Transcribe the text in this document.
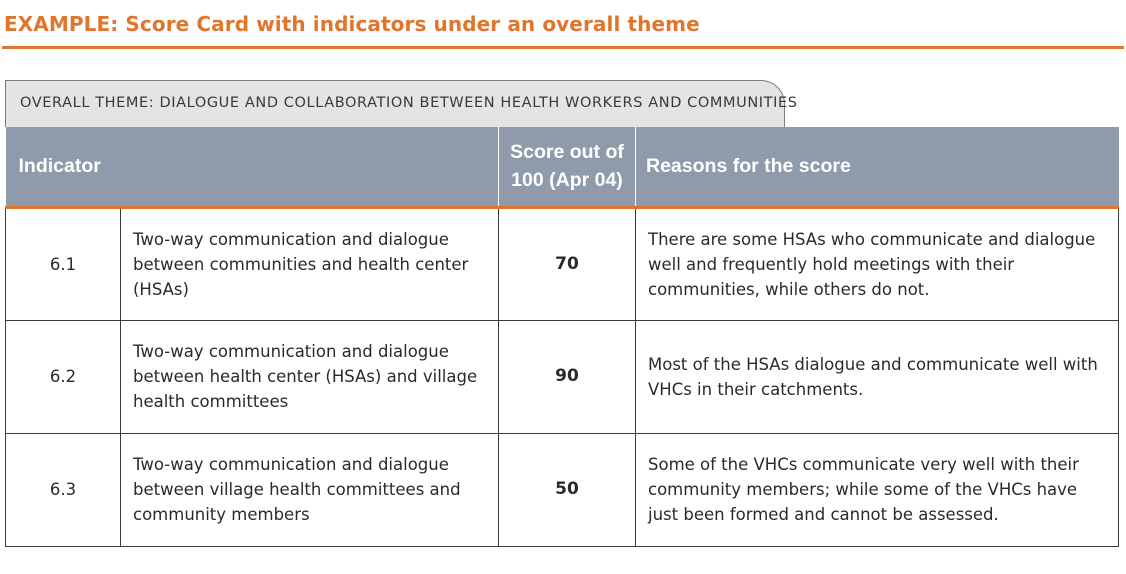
EXAMPLE: Score Card with indicators under an overall theme
OVERALL THEME: DIALOGUE AND COLLABORATION BETWEEN HEALTH WORKERS AND COMMUNITIES
Indicator		Score out of 100 (Apr 04)	Reasons for the score
6.1	Two-way communication and dialogue between communities and health center (HSAs)	70	There are some HSAs who communicate and dialogue well and frequently hold meetings with their communities, while others do not.
6.2	Two-way communication and dialogue between health center (HSAs) and village health committees	90	Most of the HSAs dialogue and communicate well with VHCs in their catchments.
6.3	Two-way communication and dialogue between village health committees and community members	50	Some of the VHCs communicate very well with their community members; while some of the VHCs have just been formed and cannot be assessed.
